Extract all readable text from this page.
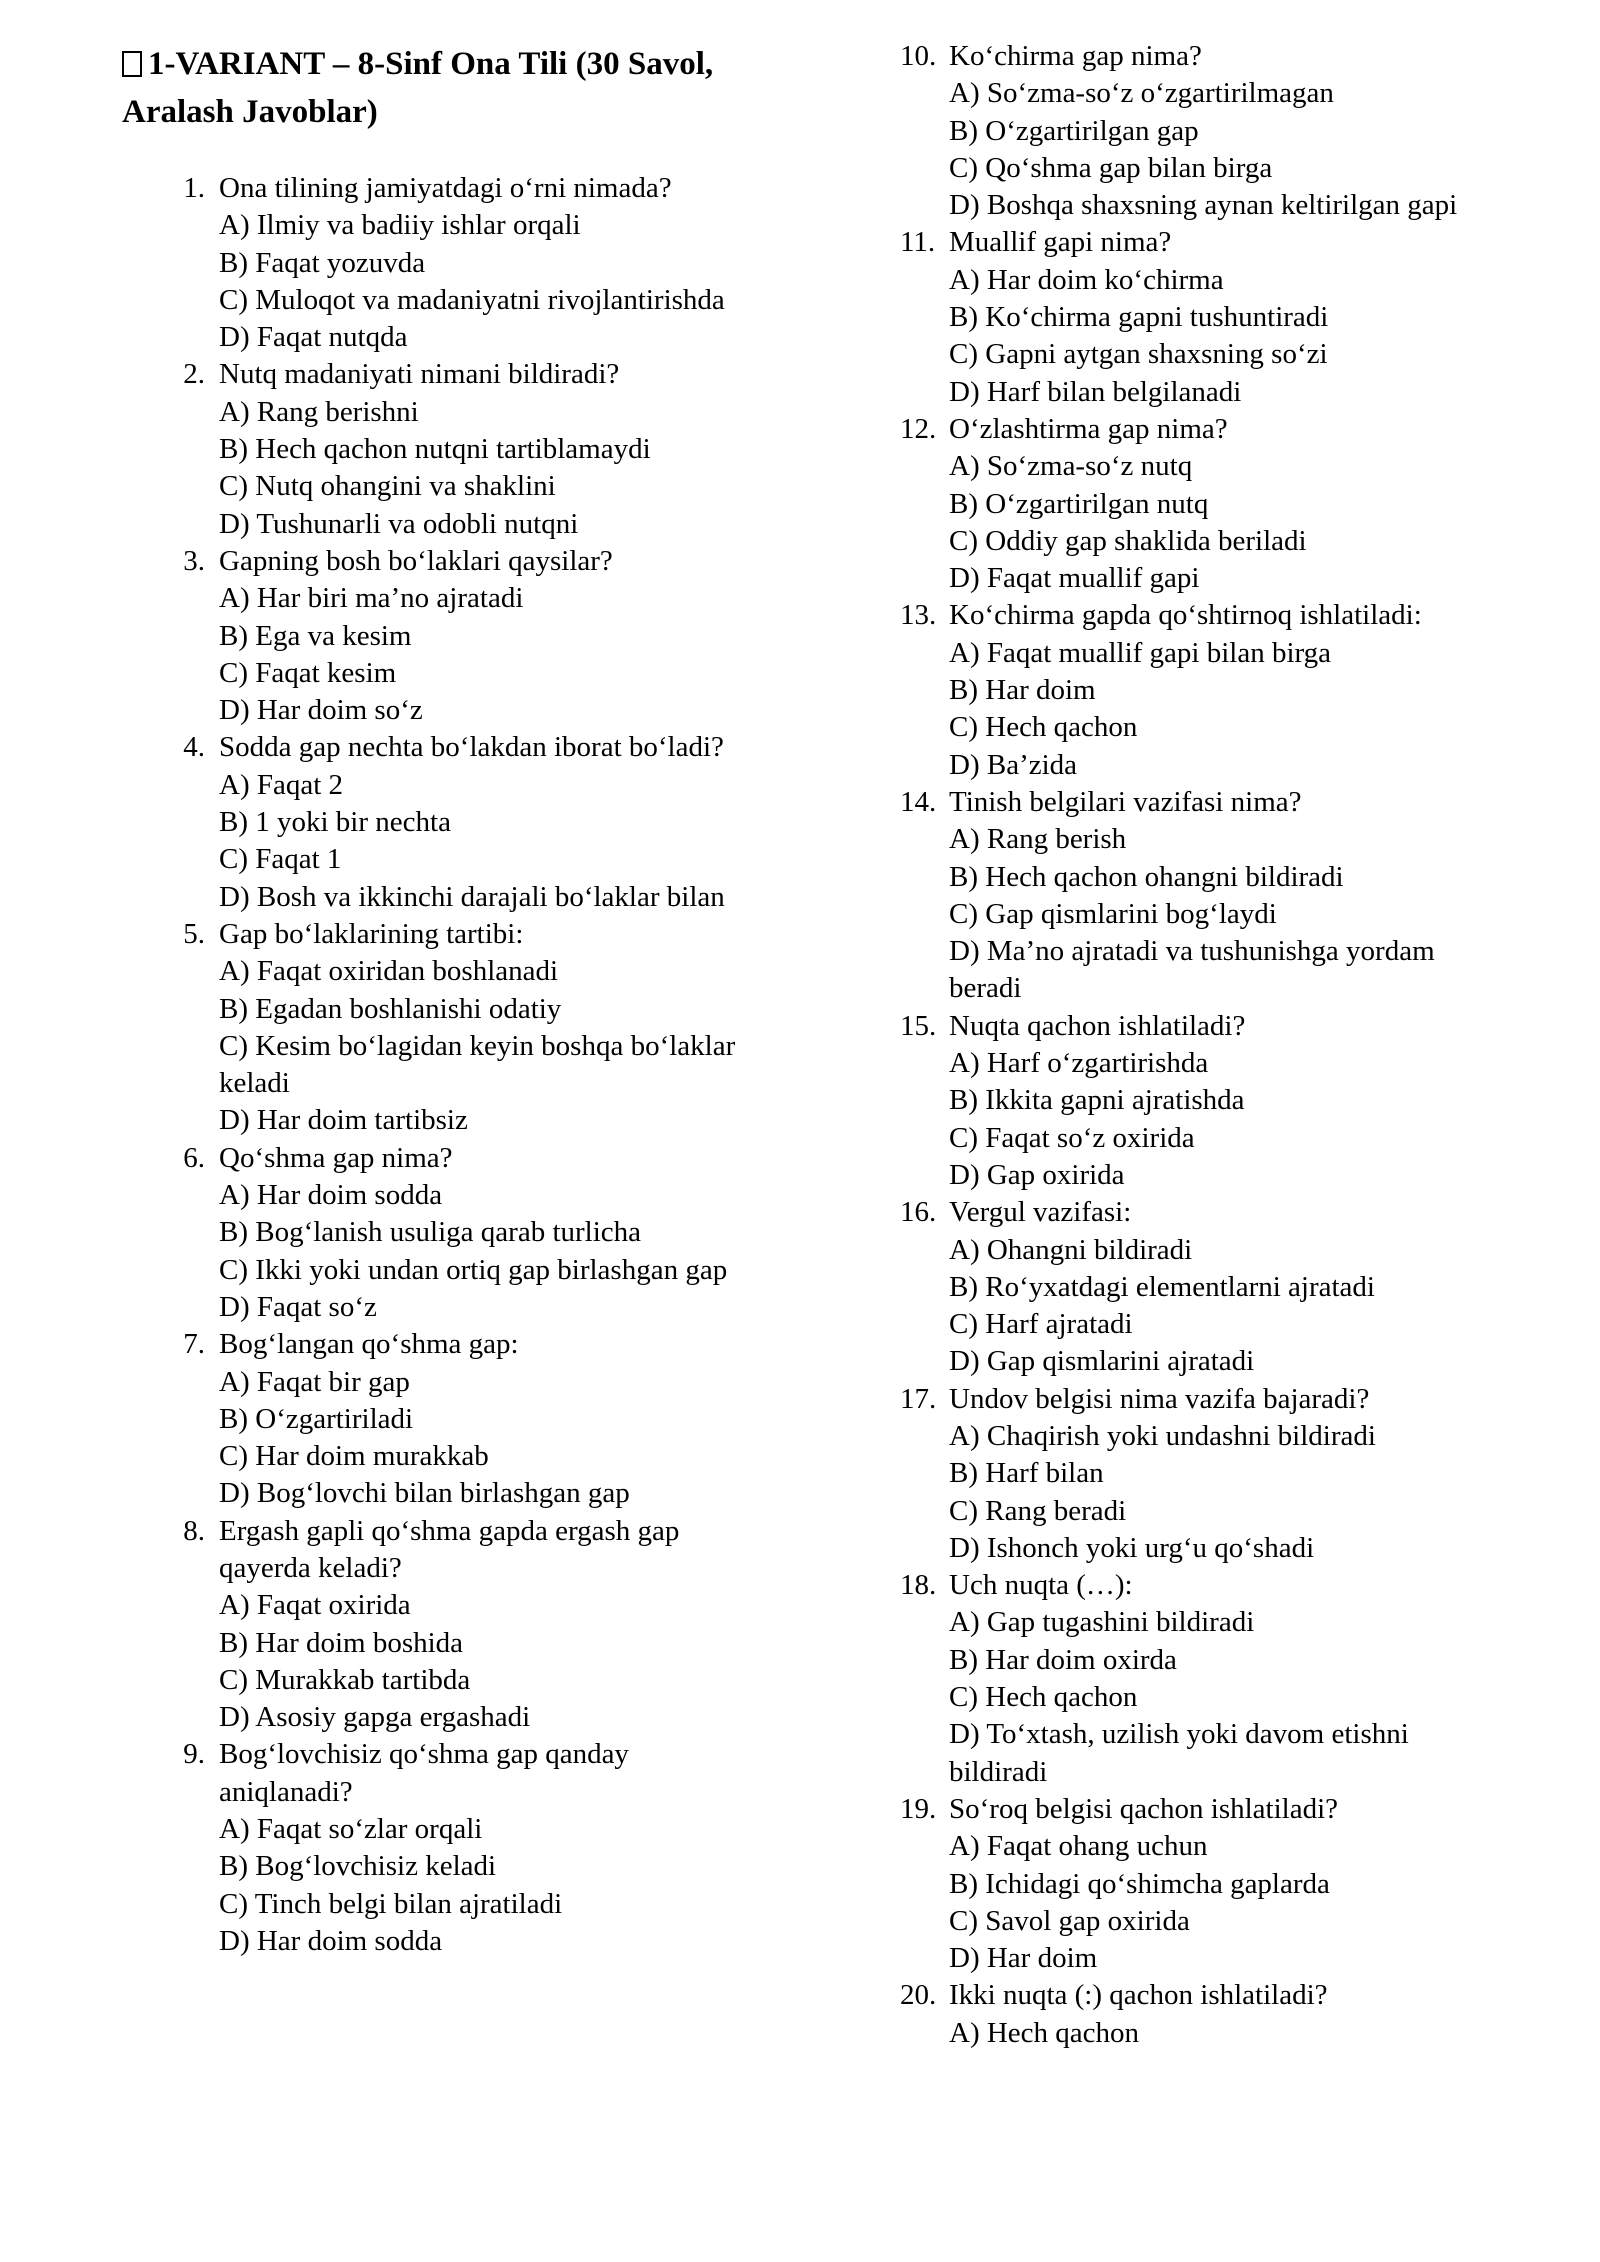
1-VARIANT – 8-Sinf Ona Tili (30 Savol, Aralash Javoblar)
1. Ona tilining jamiyatdagi o‘rni nimada?
A) Ilmiy va badiiy ishlar orqali
B) Faqat yozuvda
C) Muloqot va madaniyatni rivojlantirishda
D) Faqat nutqda
2. Nutq madaniyati nimani bildiradi?
A) Rang berishni
B) Hech qachon nutqni tartiblamaydi
C) Nutq ohangini va shaklini
D) Tushunarli va odobli nutqni
3. Gapning bosh bo‘laklari qaysilar?
A) Har biri ma’no ajratadi
B) Ega va kesim
C) Faqat kesim
D) Har doim so‘z
4. Sodda gap nechta bo‘lakdan iborat bo‘ladi?
A) Faqat 2
B) 1 yoki bir nechta
C) Faqat 1
D) Bosh va ikkinchi darajali bo‘laklar bilan
5. Gap bo‘laklarining tartibi:
A) Faqat oxiridan boshlanadi
B) Egadan boshlanishi odatiy
C) Kesim bo‘lagidan keyin boshqa bo‘laklar keladi
D) Har doim tartibsiz
6. Qo‘shma gap nima?
A) Har doim sodda
B) Bog‘lanish usuliga qarab turlicha
C) Ikki yoki undan ortiq gap birlashgan gap
D) Faqat so‘z
7. Bog‘langan qo‘shma gap:
A) Faqat bir gap
B) O‘zgartiriladi
C) Har doim murakkab
D) Bog‘lovchi bilan birlashgan gap
8. Ergash gapli qo‘shma gapda ergash gap qayerda keladi?
A) Faqat oxirida
B) Har doim boshida
C) Murakkab tartibda
D) Asosiy gapga ergashadi
9. Bog‘lovchisiz qo‘shma gap qanday aniqlanadi?
A) Faqat so‘zlar orqali
B) Bog‘lovchisiz keladi
C) Tinch belgi bilan ajratiladi
D) Har doim sodda
10. Ko‘chirma gap nima?
A) So‘zma-so‘z o‘zgartirilmagan
B) O‘zgartirilgan gap
C) Qo‘shma gap bilan birga
D) Boshqa shaxsning aynan keltirilgan gapi
11. Muallif gapi nima?
A) Har doim ko‘chirma
B) Ko‘chirma gapni tushuntiradi
C) Gapni aytgan shaxsning so‘zi
D) Harf bilan belgilanadi
12. O‘zlashtirma gap nima?
A) So‘zma-so‘z nutq
B) O‘zgartirilgan nutq
C) Oddiy gap shaklida beriladi
D) Faqat muallif gapi
13. Ko‘chirma gapda qo‘shtirnoq ishlatiladi:
A) Faqat muallif gapi bilan birga
B) Har doim
C) Hech qachon
D) Ba’zida
14. Tinish belgilari vazifasi nima?
A) Rang berish
B) Hech qachon ohangni bildiradi
C) Gap qismlarini bog‘laydi
D) Ma’no ajratadi va tushunishga yordam beradi
15. Nuqta qachon ishlatiladi?
A) Harf o‘zgartirishda
B) Ikkita gapni ajratishda
C) Faqat so‘z oxirida
D) Gap oxirida
16. Vergul vazifasi:
A) Ohangni bildiradi
B) Ro‘yxatdagi elementlarni ajratadi
C) Harf ajratadi
D) Gap qismlarini ajratadi
17. Undov belgisi nima vazifa bajaradi?
A) Chaqirish yoki undashni bildiradi
B) Harf bilan
C) Rang beradi
D) Ishonch yoki urg‘u qo‘shadi
18. Uch nuqta (…):
A) Gap tugashini bildiradi
B) Har doim oxirda
C) Hech qachon
D) To‘xtash, uzilish yoki davom etishni bildiradi
19. So‘roq belgisi qachon ishlatiladi?
A) Faqat ohang uchun
B) Ichidagi qo‘shimcha gaplarda
C) Savol gap oxirida
D) Har doim
20. Ikki nuqta (:) qachon ishlatiladi?
A) Hech qachon
